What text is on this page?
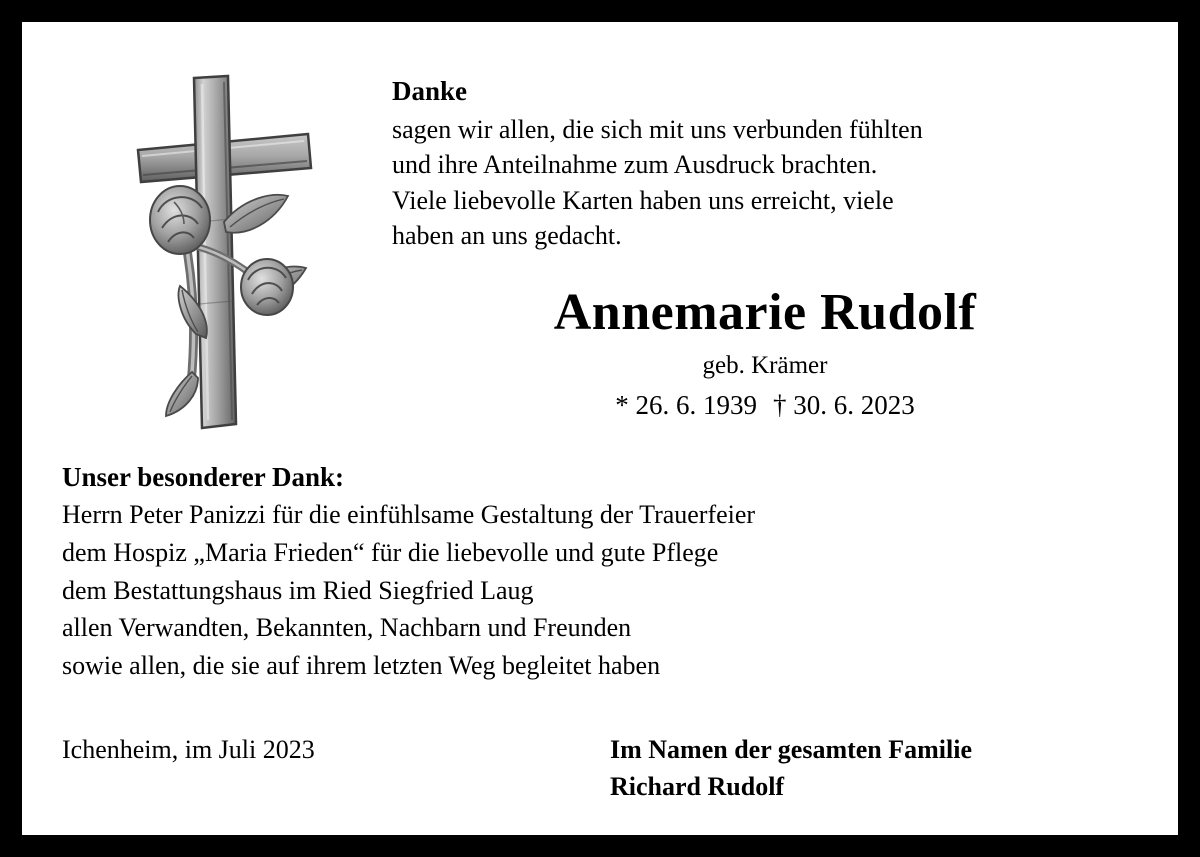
Danke
sagen wir allen, die sich mit uns verbunden fühlten
und ihre Anteilnahme zum Ausdruck brachten.
Viele liebevolle Karten haben uns erreicht, viele
haben an uns gedacht.
Annemarie Rudolf
geb. Krämer
* 26. 6. 1939 † 30. 6. 2023
Unser besonderer Dank:
Herrn Peter Panizzi für die einfühlsame Gestaltung der Trauerfeier
dem Hospiz „Maria Frieden“ für die liebevolle und gute Pflege
dem Bestattungshaus im Ried Siegfried Laug
allen Verwandten, Bekannten, Nachbarn und Freunden
sowie allen, die sie auf ihrem letzten Weg begleitet haben
Ichenheim, im Juli 2023	Im Namen der gesamten Familie
Richard Rudolf
